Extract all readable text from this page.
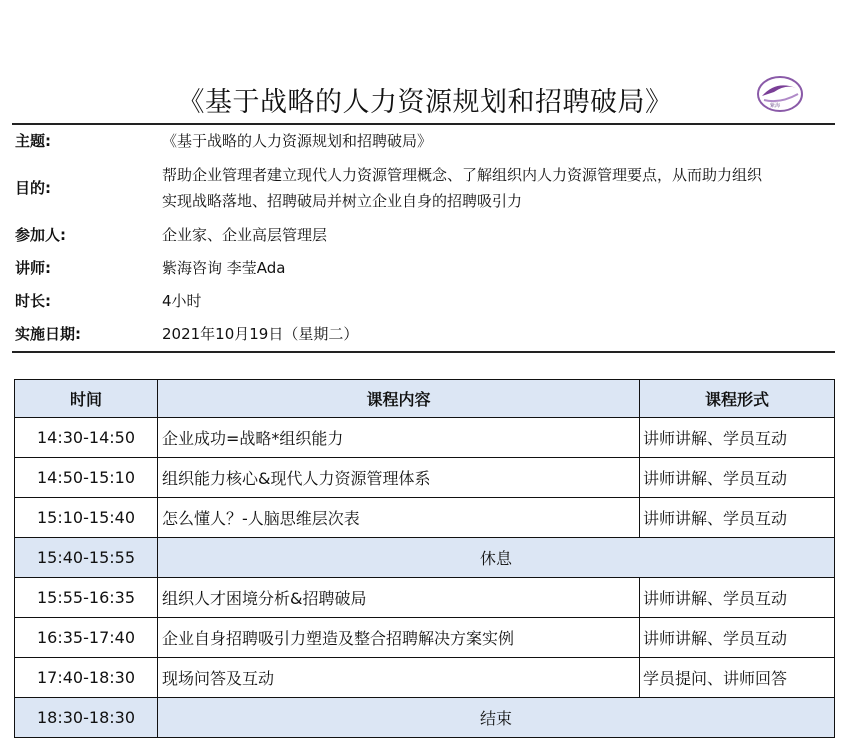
《基于战略的人力资源规划和招聘破局》	紫海
主题:	《基于战略的人力资源规划和招聘破局》
目的:
帮助企业管理者建立现代人力资源管理概念、了解组织内人力资源管理要点，从而助力组织
实现战略落地、招聘破局并树立企业自身的招聘吸引力
参加人:	企业家、企业高层管理层
讲师:	紫海咨询 李莹Ada
时长:	4小时
实施日期:	2021年10月19日（星期二）
时间	课程内容	课程形式
14:30-14:50	企业成功=战略*组织能力	讲师讲解、学员互动
14:50-15:10	组织能力核心&现代人力资源管理体系	讲师讲解、学员互动
15:10-15:40	怎么懂人？-人脑思维层次表	讲师讲解、学员互动
15:40-15:55	休息	
15:55-16:35	组织人才困境分析&招聘破局	讲师讲解、学员互动
16:35-17:40	企业自身招聘吸引力塑造及整合招聘解决方案实例	讲师讲解、学员互动
17:40-18:30	现场问答及互动	学员提问、讲师回答
18:30-18:30	结束	
